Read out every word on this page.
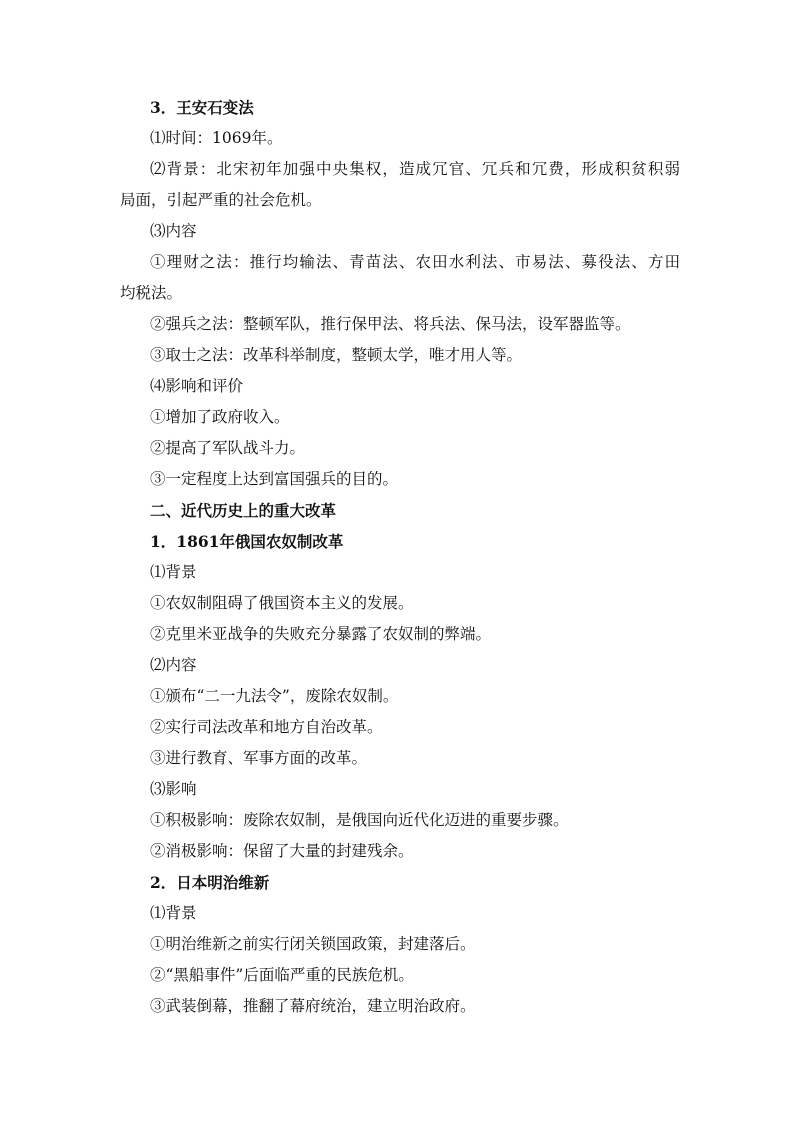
3．王安石变法
⑴时间：1069年。
⑵背景：北宋初年加强中央集权，造成冗官、冗兵和冗费，形成积贫积弱
局面，引起严重的社会危机。
⑶内容
①理财之法：推行均输法、青苗法、农田水利法、市易法、募役法、方田
均税法。
②强兵之法：整顿军队，推行保甲法、将兵法、保马法，设军器监等。
③取士之法：改革科举制度，整顿太学，唯才用人等。
⑷影响和评价
①增加了政府收入。
②提高了军队战斗力。
③一定程度上达到富国强兵的目的。
二、近代历史上的重大改革
1．1861年俄国农奴制改革
⑴背景
①农奴制阻碍了俄国资本主义的发展。
②克里米亚战争的失败充分暴露了农奴制的弊端。
⑵内容
①颁布“二一九法令”，废除农奴制。
②实行司法改革和地方自治改革。
③进行教育、军事方面的改革。
⑶影响
①积极影响：废除农奴制，是俄国向近代化迈进的重要步骤。
②消极影响：保留了大量的封建残余。
2．日本明治维新
⑴背景
①明治维新之前实行闭关锁国政策，封建落后。
②“黑船事件”后面临严重的民族危机。
③武装倒幕，推翻了幕府统治，建立明治政府。
